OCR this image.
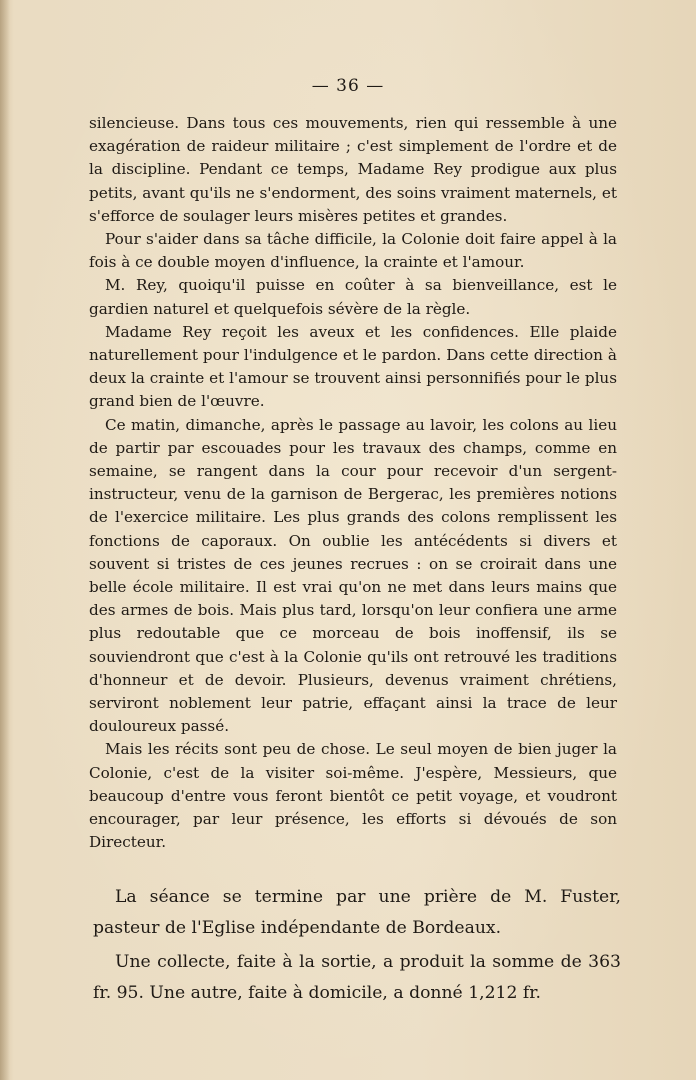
— 36 —

silencieuse. Dans tous ces mouvements, rien qui ressemble à une exagération de raideur militaire ; c'est simplement de l'ordre et de la discipline. Pendant ce temps, Madame Rey prodigue aux plus petits, avant qu'ils ne s'endorment, des soins vraiment maternels, et s'efforce de soulager leurs misères petites et grandes.

Pour s'aider dans sa tâche difficile, la Colonie doit faire appel à la fois à ce double moyen d'influence, la crainte et l'amour.

M. Rey, quoiqu'il puisse en coûter à sa bienveillance, est le gardien naturel et quelquefois sévère de la règle.

Madame Rey reçoit les aveux et les confidences. Elle plaide naturellement pour l'indulgence et le pardon. Dans cette direction à deux la crainte et l'amour se trouvent ainsi personnifiés pour le plus grand bien de l'œuvre.

Ce matin, dimanche, après le passage au lavoir, les colons au lieu de partir par escouades pour les travaux des champs, comme en semaine, se rangent dans la cour pour recevoir d'un sergent-instructeur, venu de la garnison de Bergerac, les premières notions de l'exercice militaire. Les plus grands des colons remplissent les fonctions de caporaux. On oublie les antécédents si divers et souvent si tristes de ces jeunes recrues : on se croirait dans une belle école militaire. Il est vrai qu'on ne met dans leurs mains que des armes de bois. Mais plus tard, lorsqu'on leur confiera une arme plus redoutable que ce morceau de bois inoffensif, ils se souviendront que c'est à la Colonie qu'ils ont retrouvé les traditions d'honneur et de devoir. Plusieurs, devenus vraiment chrétiens, serviront noblement leur patrie, effaçant ainsi la trace de leur douloureux passé.

Mais les récits sont peu de chose. Le seul moyen de bien juger la Colonie, c'est de la visiter soi-même. J'espère, Messieurs, que beaucoup d'entre vous feront bientôt ce petit voyage, et voudront encourager, par leur présence, les efforts si dévoués de son Directeur.

La séance se termine par une prière de M. Fuster, pasteur de l'Eglise indépendante de Bordeaux.

Une collecte, faite à la sortie, a produit la somme de 363 fr. 95. Une autre, faite à domicile, a donné 1,212 fr.
